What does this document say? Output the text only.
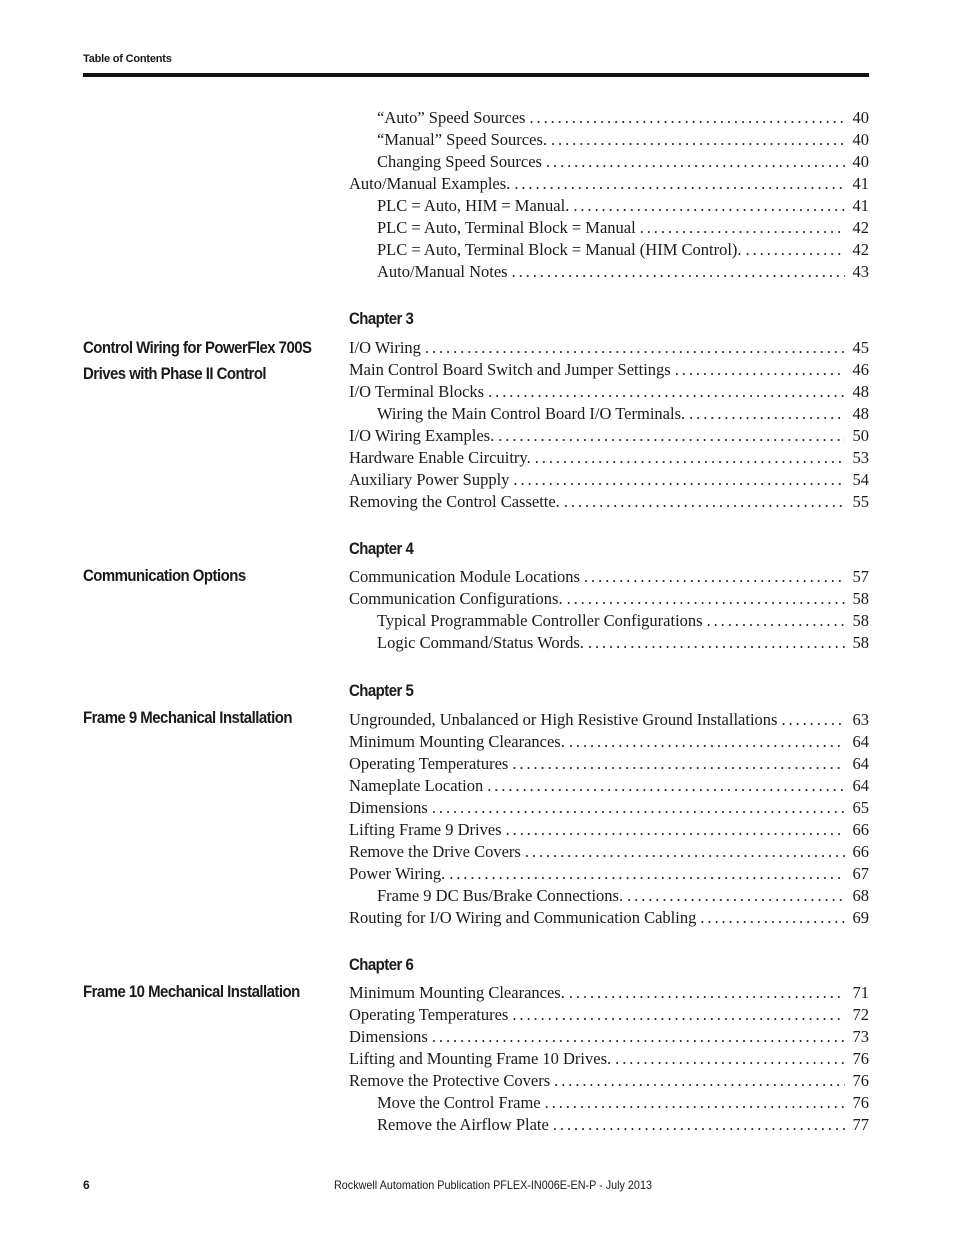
Table of Contents
“Auto” Speed Sources . . .	40
“Manual” Speed Sources. . . .	40
Changing Speed Sources . . .	40
Auto/Manual Examples. . . .	41
PLC = Auto, HIM = Manual. . . .	41
PLC = Auto, Terminal Block = Manual . . .	42
PLC = Auto, Terminal Block = Manual (HIM Control). . . .	42
Auto/Manual Notes . . .	43
Chapter 3
Control Wiring for PowerFlex 700S Drives with Phase II Control
I/O Wiring . . .	45
Main Control Board Switch and Jumper Settings . . .	46
I/O Terminal Blocks . . .	48
Wiring the Main Control Board I/O Terminals. . . .	48
I/O Wiring Examples. . . .	50
Hardware Enable Circuitry. . . .	53
Auxiliary Power Supply . . .	54
Removing the Control Cassette. . . .	55
Chapter 4
Communication Options	Communication Module Locations . . .	57
Communication Configurations. . . .	58
Typical Programmable Controller Configurations . . .	58
Logic Command/Status Words. . . .	58
Chapter 5
Frame 9 Mechanical Installation	Ungrounded, Unbalanced or High Resistive Ground Installations . . .	63
Minimum Mounting Clearances. . . .	64
Operating Temperatures . . .	64
Nameplate Location . . .	64
Dimensions . . .	65
Lifting Frame 9 Drives . . .	66
Remove the Drive Covers . . .	66
Power Wiring. . . .	67
Frame 9 DC Bus/Brake Connections. . . .	68
Routing for I/O Wiring and Communication Cabling . . .	69
Chapter 6
Frame 10 Mechanical Installation	Minimum Mounting Clearances. . . .	71
Operating Temperatures . . .	72
Dimensions . . .	73
Lifting and Mounting Frame 10 Drives. . . .	76
Remove the Protective Covers . . .	76
Move the Control Frame . . .	76
Remove the Airflow Plate . . .	77
6	Rockwell Automation Publication PFLEX-IN006E-EN-P - July 2013
